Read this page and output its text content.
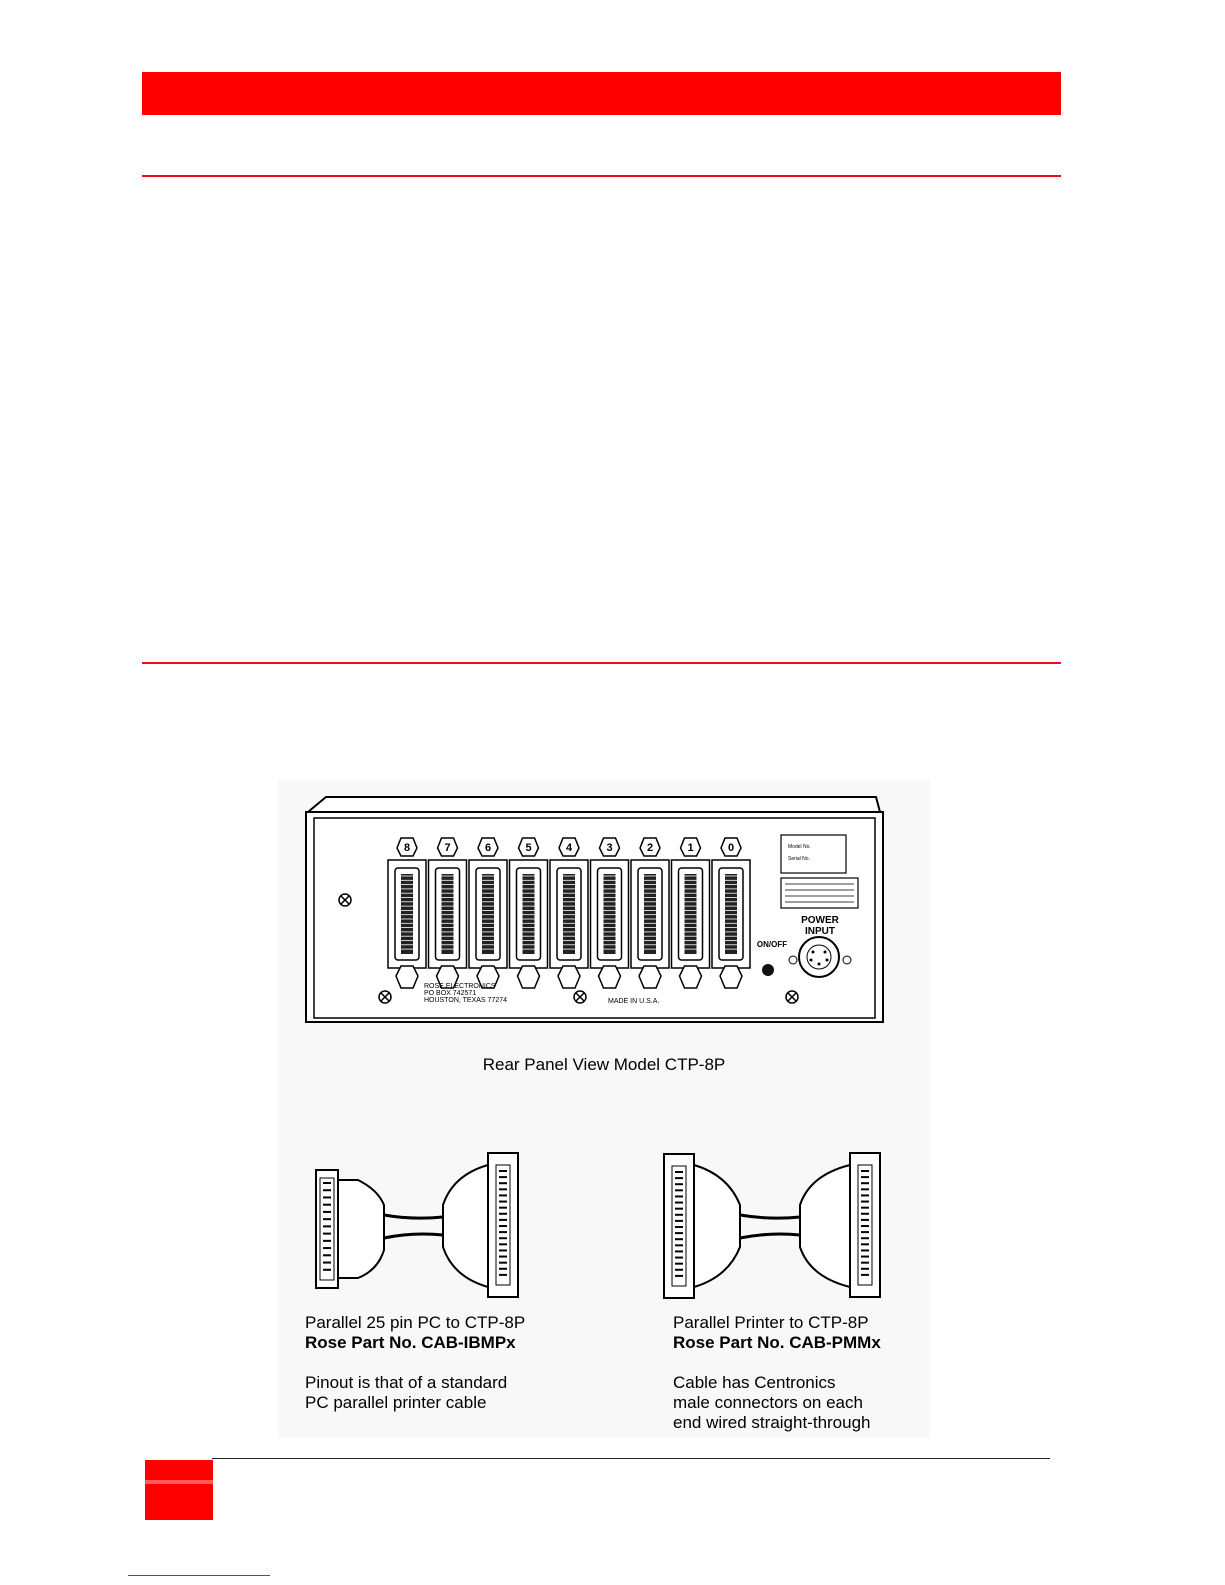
8	7	6	5	4	3	2	1	0	Model No.
Serial No.
POWER
INPUT
ON/OFF
ROSE ELECTRONICS
PO BOX 742571
HOUSTON, TEXAS 77274	MADE IN U.S.A.
Rear Panel View Model CTP-8P
Parallel 25 pin PC to CTP-8P
Rose Part No. CAB-IBMPx
Pinout is that of a standard
PC parallel printer cable
Parallel Printer to CTP-8P
Rose Part No. CAB-PMMx
Cable has Centronics
male connectors on each
end wired straight-through
